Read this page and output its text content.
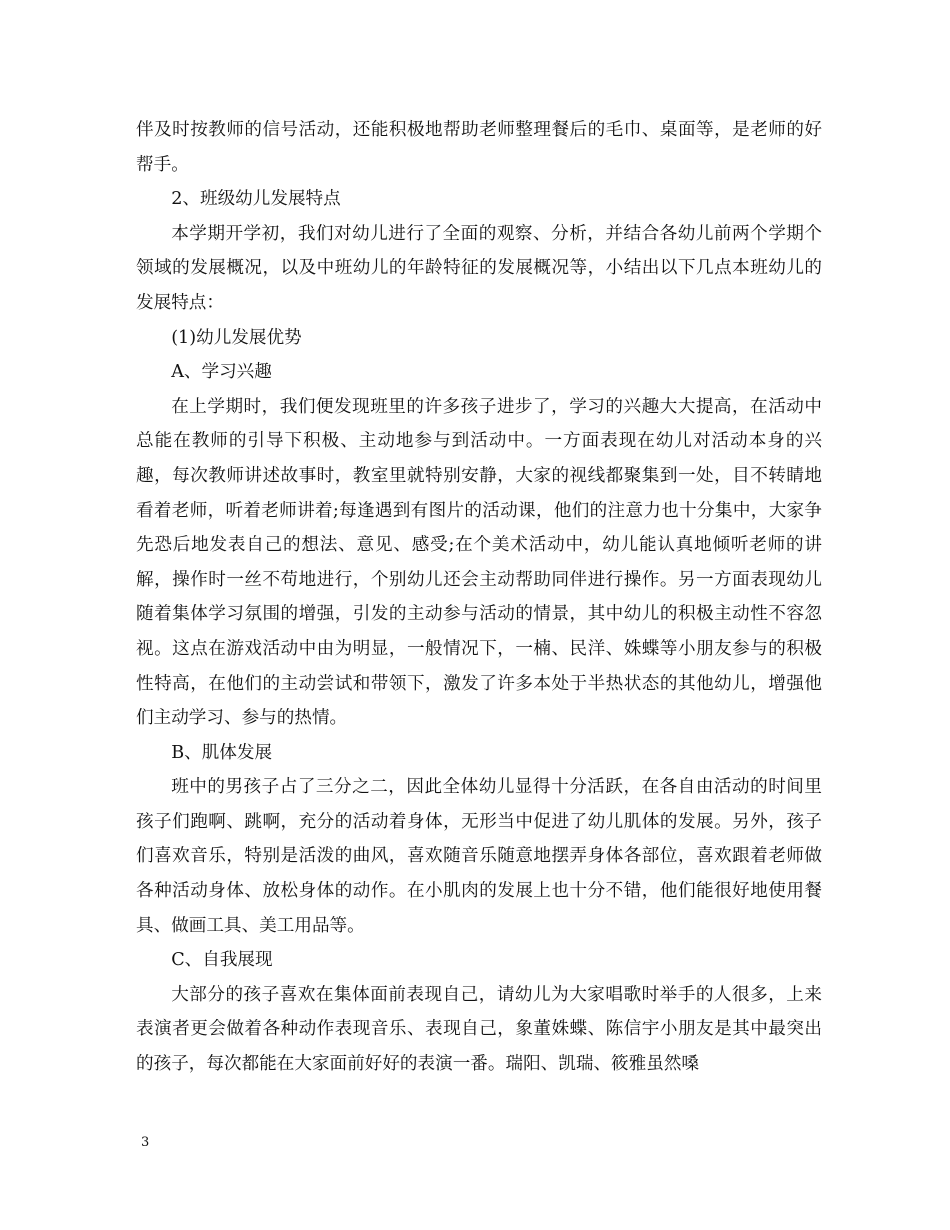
伴及时按教师的信号活动，还能积极地帮助老师整理餐后的毛巾、桌面等，是老师的好帮手。

2、班级幼儿发展特点

本学期开学初，我们对幼儿进行了全面的观察、分析，并结合各幼儿前两个学期个领域的发展概况，以及中班幼儿的年龄特征的发展概况等，小结出以下几点本班幼儿的发展特点：

(1)幼儿发展优势

A、学习兴趣

在上学期时，我们便发现班里的许多孩子进步了，学习的兴趣大大提高，在活动中总能在教师的引导下积极、主动地参与到活动中。一方面表现在幼儿对活动本身的兴趣，每次教师讲述故事时，教室里就特别安静，大家的视线都聚集到一处，目不转睛地看着老师，听着老师讲着;每逢遇到有图片的活动课，他们的注意力也十分集中，大家争先恐后地发表自己的想法、意见、感受;在个美术活动中，幼儿能认真地倾听老师的讲解，操作时一丝不苟地进行，个别幼儿还会主动帮助同伴进行操作。另一方面表现幼儿随着集体学习氛围的增强，引发的主动参与活动的情景，其中幼儿的积极主动性不容忽视。这点在游戏活动中由为明显，一般情况下，一楠、民洋、姝蝶等小朋友参与的积极性特高，在他们的主动尝试和带领下，激发了许多本处于半热状态的其他幼儿，增强他们主动学习、参与的热情。

B、肌体发展

班中的男孩子占了三分之二，因此全体幼儿显得十分活跃，在各自由活动的时间里孩子们跑啊、跳啊，充分的活动着身体，无形当中促进了幼儿肌体的发展。另外，孩子们喜欢音乐，特别是活泼的曲风，喜欢随音乐随意地摆弄身体各部位，喜欢跟着老师做各种活动身体、放松身体的动作。在小肌肉的发展上也十分不错，他们能很好地使用餐具、做画工具、美工用品等。

C、自我展现

大部分的孩子喜欢在集体面前表现自己，请幼儿为大家唱歌时举手的人很多，上来表演者更会做着各种动作表现音乐、表现自己，象董姝蝶、陈信宇小朋友是其中最突出的孩子，每次都能在大家面前好好的表演一番。瑞阳、凯瑞、筱雅虽然嗓

3
